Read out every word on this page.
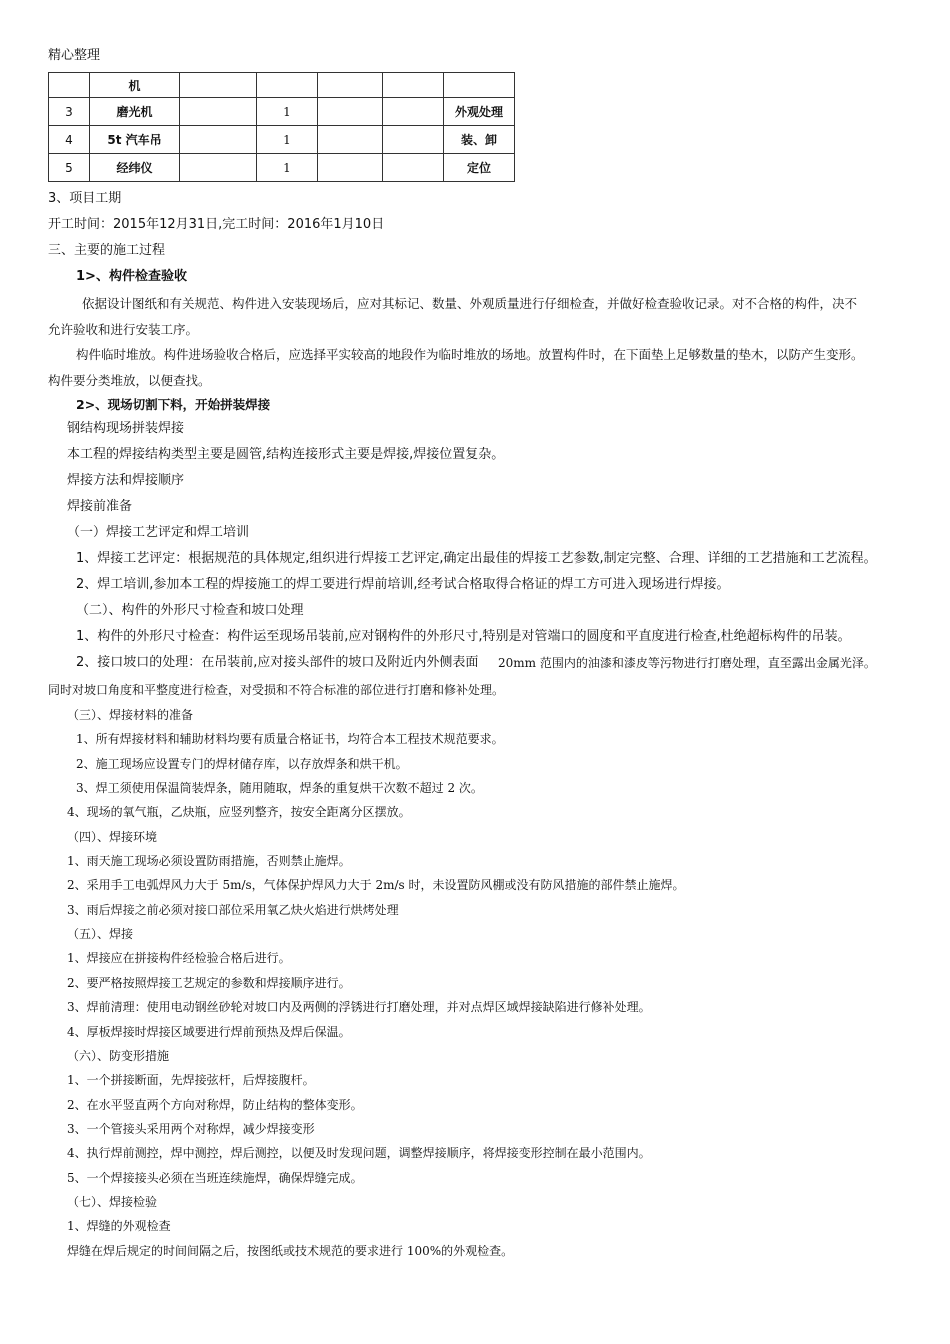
精心整理
	机					
3	磨光机		1			外观处理
4	5t 汽车吊		1			装、卸
5	经纬仪		1			定位
3、项目工期
开工时间：2015年12月31日,完工时间：2016年1月10日
三、主要的施工过程
1>、构件检查验收
依据设计图纸和有关规范、构件进入安装现场后，应对其标记、数量、外观质量进行仔细检查，并做好检查验收记录。对不合格的构件，决不
允许验收和进行安装工序。
构件临时堆放。构件进场验收合格后，应选择平实较高的地段作为临时堆放的场地。放置构件时，在下面垫上足够数量的垫木，以防产生变形。
构件要分类堆放，以便查找。
2>、现场切割下料，开始拼装焊接
钢结构现场拼装焊接
本工程的焊接结构类型主要是圆管,结构连接形式主要是焊接,焊接位置复杂。
焊接方法和焊接顺序
焊接前准备
（一）焊接工艺评定和焊工培训
1、焊接工艺评定：根据规范的具体规定,组织进行焊接工艺评定,确定出最佳的焊接工艺参数,制定完整、合理、详细的工艺措施和工艺流程。
2、焊工培训,参加本工程的焊接施工的焊工要进行焊前培训,经考试合格取得合格证的焊工方可进入现场进行焊接。
（二）、构件的外形尺寸检查和坡口处理
1、构件的外形尺寸检查：构件运至现场吊装前,应对钢构件的外形尺寸,特别是对管端口的圆度和平直度进行检查,杜绝超标构件的吊装。
2、接口坡口的处理：在吊装前,应对接头部件的坡口及附近内外侧表面 20mm 范围内的油漆和漆皮等污物进行打磨处理，直至露出金属光泽。
同时对坡口角度和平整度进行检查，对受损和不符合标准的部位进行打磨和修补处理。
（三）、焊接材料的准备
1、所有焊接材料和辅助材料均要有质量合格证书，均符合本工程技术规范要求。
2、施工现场应设置专门的焊材储存库，以存放焊条和烘干机。
3、焊工须使用保温筒装焊条，随用随取，焊条的重复烘干次数不超过 2 次。
4、现场的氧气瓶，乙炔瓶，应竖列整齐，按安全距离分区摆放。
（四）、焊接环境
1、雨天施工现场必须设置防雨措施，否则禁止施焊。
2、采用手工电弧焊风力大于 5m/s，气体保护焊风力大于 2m/s 时，未设置防风棚或没有防风措施的部件禁止施焊。
3、雨后焊接之前必须对接口部位采用氧乙炔火焰进行烘烤处理
（五）、焊接
1、焊接应在拼接构件经检验合格后进行。
2、要严格按照焊接工艺规定的参数和焊接顺序进行。
3、焊前清理：使用电动钢丝砂轮对坡口内及两侧的浮锈进行打磨处理，并对点焊区域焊接缺陷进行修补处理。
4、厚板焊接时焊接区域要进行焊前预热及焊后保温。
（六）、防变形措施
1、一个拼接断面，先焊接弦杆，后焊接腹杆。
2、在水平竖直两个方向对称焊，防止结构的整体变形。
3、一个管接头采用两个对称焊，减少焊接变形
4、执行焊前测控，焊中测控，焊后测控，以便及时发现问题，调整焊接顺序，将焊接变形控制在最小范围内。
5、一个焊接接头必须在当班连续施焊，确保焊缝完成。
（七）、焊接检验
1、焊缝的外观检查
焊缝在焊后规定的时间间隔之后，按图纸或技术规范的要求进行 100%的外观检查。
